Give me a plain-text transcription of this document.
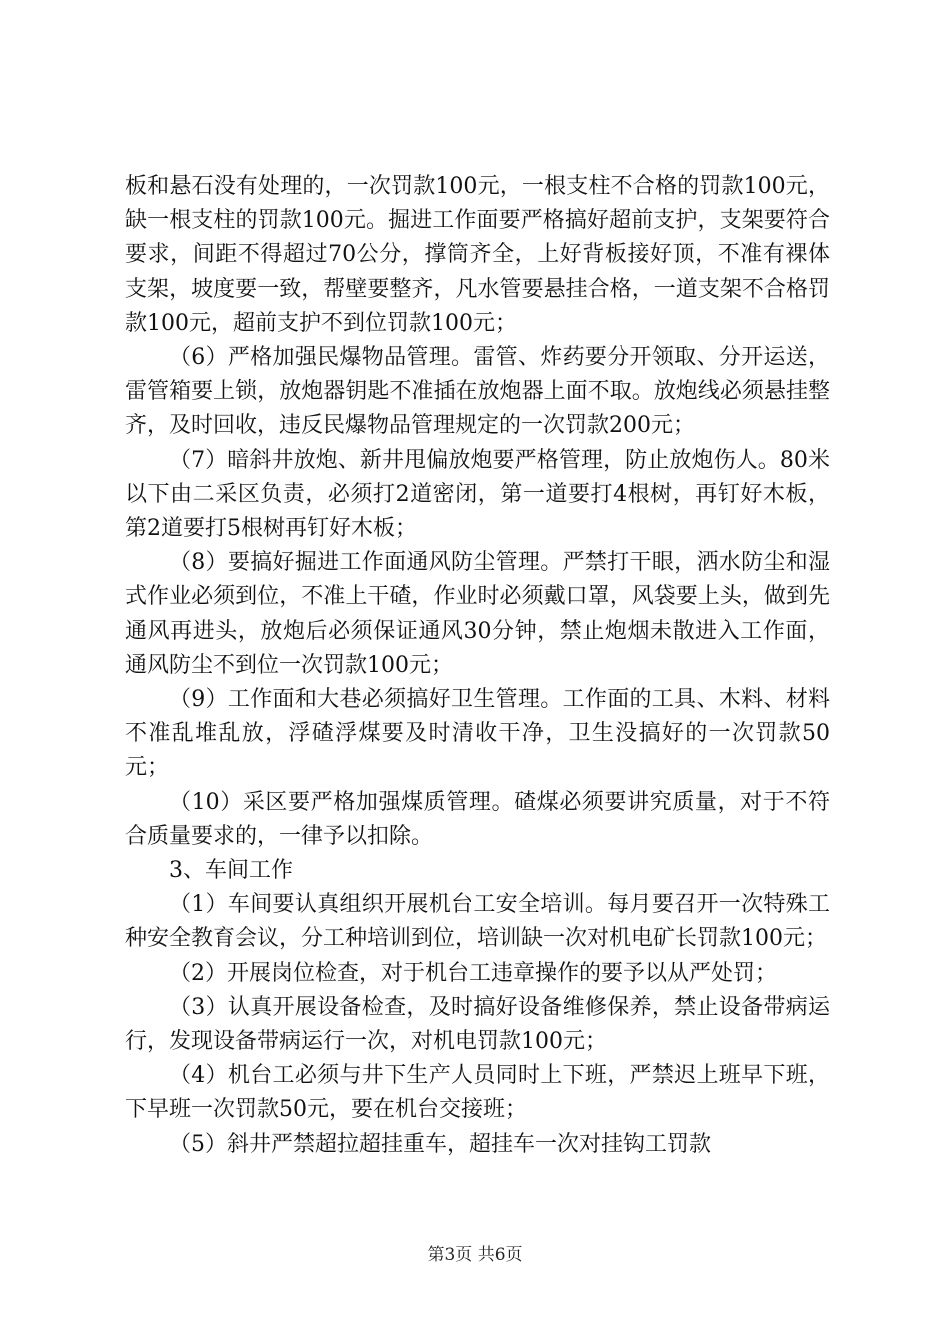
板和悬石没有处理的，一次罚款100元，一根支柱不合格的罚款100元，缺一根支柱的罚款100元。掘进工作面要严格搞好超前支护，支架要符合要求，间距不得超过70公分，撑筒齐全，上好背板接好顶，不准有裸体支架，坡度要一致，帮壁要整齐，凡水管要悬挂合格，一道支架不合格罚款100元，超前支护不到位罚款100元；

（6）严格加强民爆物品管理。雷管、炸药要分开领取、分开运送，雷管箱要上锁，放炮器钥匙不准插在放炮器上面不取。放炮线必须悬挂整齐，及时回收，违反民爆物品管理规定的一次罚款200元；

（7）暗斜井放炮、新井甩偏放炮要严格管理，防止放炮伤人。80米以下由二采区负责，必须打2道密闭，第一道要打4根树，再钉好木板，第2道要打5根树再钉好木板；

（8）要搞好掘进工作面通风防尘管理。严禁打干眼，洒水防尘和湿式作业必须到位，不准上干碴，作业时必须戴口罩，风袋要上头，做到先通风再进头，放炮后必须保证通风30分钟，禁止炮烟未散进入工作面，通风防尘不到位一次罚款100元；

（9）工作面和大巷必须搞好卫生管理。工作面的工具、木料、材料不准乱堆乱放，浮碴浮煤要及时清收干净，卫生没搞好的一次罚款50元；

（10）采区要严格加强煤质管理。碴煤必须要讲究质量，对于不符合质量要求的，一律予以扣除。

3、车间工作

（1）车间要认真组织开展机台工安全培训。每月要召开一次特殊工种安全教育会议，分工种培训到位，培训缺一次对机电矿长罚款100元；

（2）开展岗位检查，对于机台工违章操作的要予以从严处罚；

（3）认真开展设备检查，及时搞好设备维修保养，禁止设备带病运行，发现设备带病运行一次，对机电罚款100元；

（4）机台工必须与井下生产人员同时上下班，严禁迟上班早下班，下早班一次罚款50元，要在机台交接班；

（5）斜井严禁超拉超挂重车，超挂车一次对挂钩工罚款

第3页 共6页
